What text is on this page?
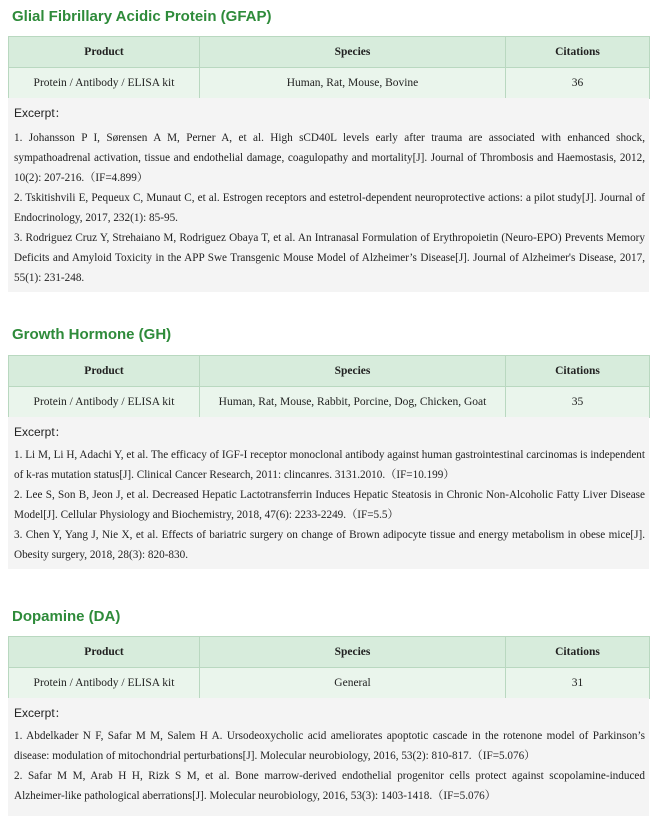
Glial Fibrillary Acidic Protein (GFAP)
Product	Species	Citations
Protein / Antibody / ELISA kit	Human, Rat, Mouse, Bovine	36
Excerpt：
1. Johansson P I, Sørensen A M, Perner A, et al. High sCD40L levels early after trauma are associated with enhanced shock, sympathoadrenal activation, tissue and endothelial damage, coagulopathy and mortality[J]. Journal of Thrombosis and Haemostasis, 2012, 10(2): 207-216.（IF=4.899）
2. Tskitishvili E, Pequeux C, Munaut C, et al. Estrogen receptors and estetrol-dependent neuroprotective actions: a pilot study[J]. Journal of Endocrinology, 2017, 232(1): 85-95.
3. Rodriguez Cruz Y, Strehaiano M, Rodriguez Obaya T, et al. An Intranasal Formulation of Erythropoietin (Neuro-EPO) Prevents Memory Deficits and Amyloid Toxicity in the APP Swe Transgenic Mouse Model of Alzheimer’s Disease[J]. Journal of Alzheimer's Disease, 2017, 55(1): 231-248.
Growth Hormone (GH)
Product	Species	Citations
Protein / Antibody / ELISA kit	Human, Rat, Mouse, Rabbit, Porcine, Dog, Chicken, Goat	35
Excerpt：
1. Li M, Li H, Adachi Y, et al. The efficacy of IGF-I receptor monoclonal antibody against human gastrointestinal carcinomas is independent of k-ras mutation status[J]. Clinical Cancer Research, 2011: clincanres. 3131.2010.（IF=10.199）
2. Lee S, Son B, Jeon J, et al. Decreased Hepatic Lactotransferrin Induces Hepatic Steatosis in Chronic Non-Alcoholic Fatty Liver Disease Model[J]. Cellular Physiology and Biochemistry, 2018, 47(6): 2233-2249.（IF=5.5）
3. Chen Y, Yang J, Nie X, et al. Effects of bariatric surgery on change of Brown adipocyte tissue and energy metabolism in obese mice[J]. Obesity surgery, 2018, 28(3): 820-830.
Dopamine (DA)
Product	Species	Citations
Protein / Antibody / ELISA kit	General	31
Excerpt：
1. Abdelkader N F, Safar M M, Salem H A. Ursodeoxycholic acid ameliorates apoptotic cascade in the rotenone model of Parkinson’s disease: modulation of mitochondrial perturbations[J]. Molecular neurobiology, 2016, 53(2): 810-817.（IF=5.076）
2. Safar M M, Arab H H, Rizk S M, et al. Bone marrow-derived endothelial progenitor cells protect against scopolamine-induced Alzheimer-like pathological aberrations[J]. Molecular neurobiology, 2016, 53(3): 1403-1418.（IF=5.076）
